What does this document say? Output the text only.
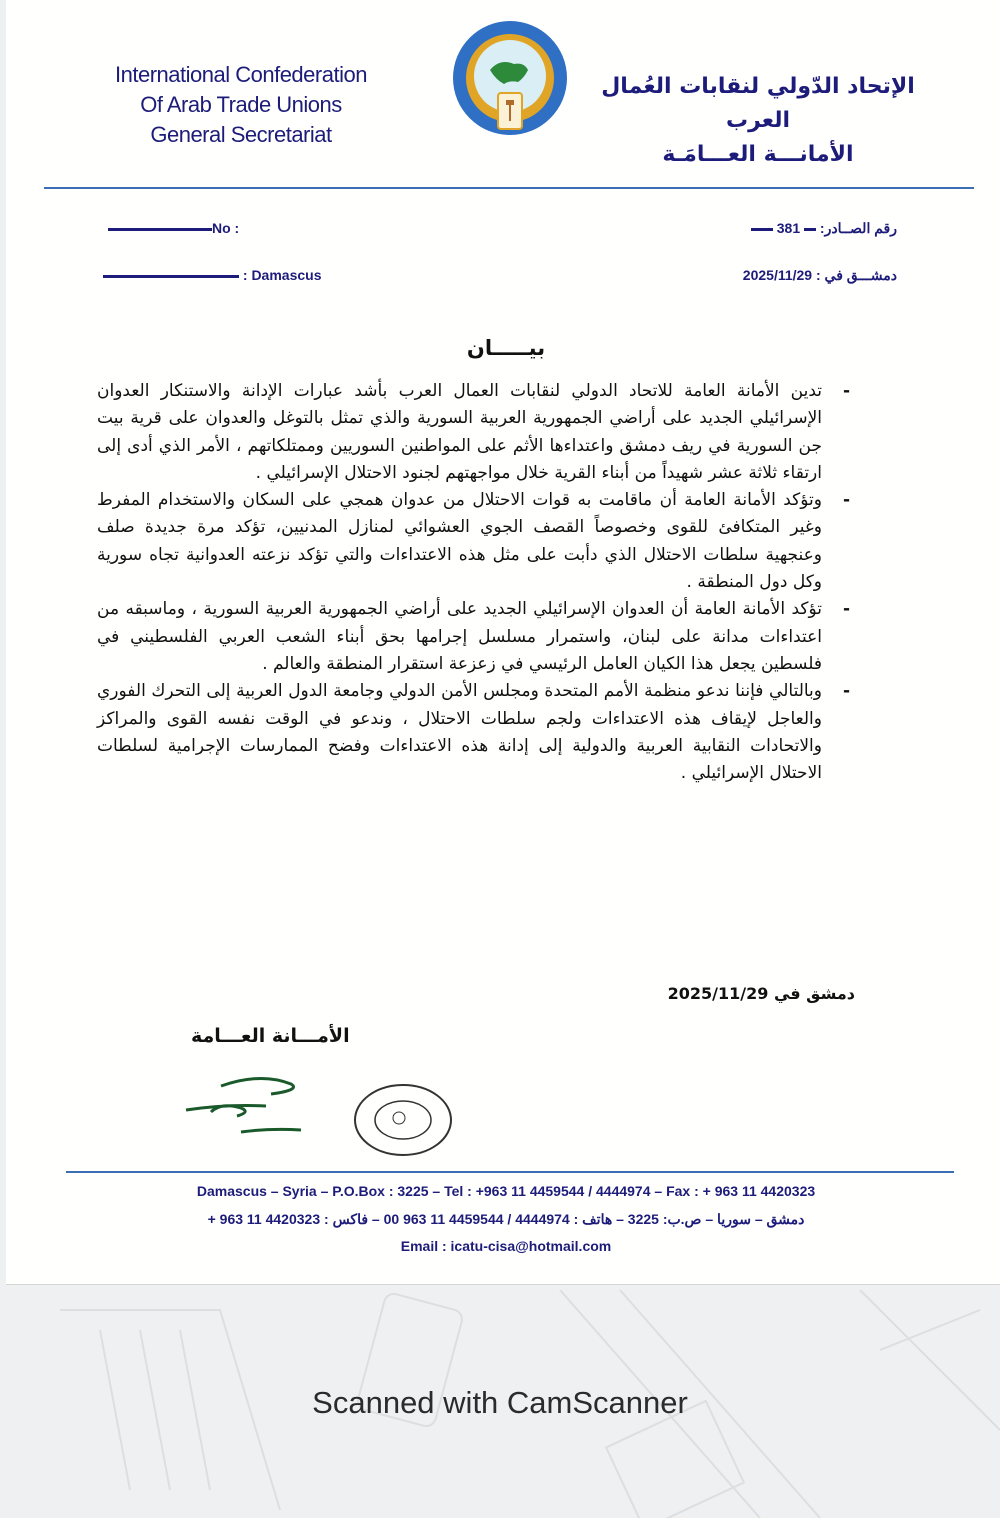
International Confederation
Of Arab Trade Unions
General Secretariat
الإتحاد الدّولي لنقابات العُمال العرب
الأمانـــة العـــامَـة
No :
: Damascus
رقم الصــادر:  381
دمشـــق في : 2025/11/29
بيـــــان

- تدين الأمانة العامة للاتحاد الدولي لنقابات العمال العرب بأشد عبارات الإدانة والاستنكار العدوان الإسرائيلي الجديد على أراضي الجمهورية العربية السورية والذي تمثل بالتوغل والعدوان على قرية بيت جن السورية في ريف دمشق واعتداءها الأثم على المواطنين السوريين وممتلكاتهم ، الأمر الذي أدى إلى ارتقاء ثلاثة عشر شهيداً من أبناء القرية خلال مواجهتهم لجنود الاحتلال الإسرائيلي .

- وتؤكد الأمانة العامة أن ماقامت به قوات الاحتلال من عدوان همجي على السكان والاستخدام المفرط وغير المتكافئ للقوى وخصوصاً القصف الجوي العشوائي لمنازل المدنيين، تؤكد مرة جديدة صلف وعنجهية سلطات الاحتلال الذي دأبت على مثل هذه الاعتداءات والتي تؤكد نزعته العدوانية تجاه سورية وكل دول المنطقة .

- تؤكد الأمانة العامة أن العدوان الإسرائيلي الجديد على أراضي الجمهورية العربية السورية ، وماسبقه من اعتداءات مدانة على لبنان، واستمرار مسلسل إجرامها بحق أبناء الشعب العربي الفلسطيني في فلسطين يجعل هذا الكيان العامل الرئيسي في زعزعة استقرار المنطقة والعالم .

- وبالتالي فإننا ندعو منظمة الأمم المتحدة ومجلس الأمن الدولي وجامعة الدول العربية إلى التحرك الفوري والعاجل لإيقاف هذه الاعتداءات ولجم سلطات الاحتلال ، وندعو في الوقت نفسه القوى والمراكز والاتحادات النقابية العربية والدولية إلى إدانة هذه الاعتداءات وفضح الممارسات الإجرامية لسلطات الاحتلال الإسرائيلي .

دمشق في 2025/11/29
الأمـــانة العـــامة
Damascus – Syria – P.O.Box : 3225 – Tel : +963 11 4459544 / 4444974 – Fax : + 963 11 4420323
دمشق – سوريا – ص.ب: 3225 – هاتف : 4444974 / 4459544 11 963 00 – فاكس : 4420323 11 963 +
Email : icatu-cisa@hotmail.com
Scanned with CamScanner
